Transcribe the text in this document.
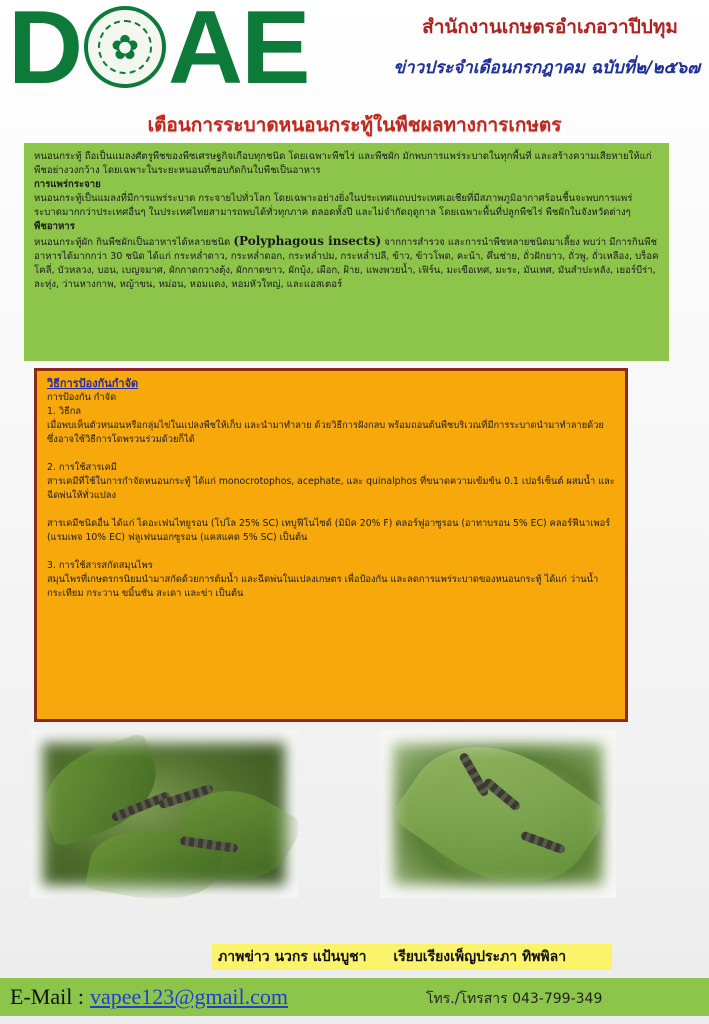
D ✿ AE	สำนักงานเกษตรอำเภอวาปีปทุม
ข่าวประจำเดือนกรกฎาคม ฉบับที่๒/๒๕๖๗
เตือนการระบาดหนอนกระทู้ในพืชผลทางการเกษตร

หนอนกระทู้ ถือเป็นแมลงศัตรูพืชของพืชเศรษฐกิจเกือบทุกชนิด โดยเฉพาะพืชไร่ และพืชผัก มักพบการแพร่ระบาดในทุกพื้นที่ และสร้างความเสียหายให้แก่พืชอย่างวงกว้าง โดยเฉพาะในระยะหนอนที่ชอบกัดกินใบพืชเป็นอาหาร

การแพร่กระจาย

หนอนกระทู้เป็นแมลงที่มีการแพร่ระบาด กระจายไปทั่วโลก โดยเฉพาะอย่างยิ่งในประเทศแถบประเทศเอเชียที่มีสภาพภูมิอากาศร้อนชื้นจะพบการแพร่ระบาดมากกว่าประเทศอื่นๆ ในประเทศไทยสามารถพบได้ทั่วทุกภาค ตลอดทั้งปี และไม่จำกัดฤดูกาล โดยเฉพาะพื้นที่ปลูกพืชไร่ พืชผักในจังหวัดต่างๆ

พืชอาหาร

หนอนกระทู้ผัก กินพืชผักเป็นอาหารได้หลายชนิด (Polyphagous insects) จากการสำรวจ และการนำพืชหลายชนิดมาเลี้ยง พบว่า มีการกินพืชอาหารได้มากกว่า 30 ชนิด ได้แก่ กระหล่ำดาว, กระหล่ำดอก, กระหล่ำปม, กระหล่ำปลี, ข้าว, ข้าวโพด, คะน้า, คึ่นช่าย, ถั่วฝักยาว, ถั่วพู, ถั่วเหลือง, บร็อคโคลี่, บัวหลวง, บอน, เบญจมาศ, ผักกาดกวางตุ้ง, ผักกาดขาว, ผักบุ้ง, เผือก, ฝ้าย, แพงพวยน้ำ, เฟิร์น, มะเขือเทศ, มะระ, มันเทศ, มันสำปะหลัง, เยอร์บีร่า, ละหุ่ง, ว่านหางกาพ, หญ้าขน, หม่อน, หอมแดง, หอมหัวใหญ่, และแอสเตอร์

วิธีการป้องกันกำจัด

การป้องกัน กำจัด

1. วิธีกล

เมื่อพบเห็นตัวหนอนหรือกลุ่มไข่ในแปลงพืชให้เก็บ และนำมาทำลาย ด้วยวิธีการฝังกลบ พร้อมถอนต้นพืชบริเวณที่มีการระบาดนำมาทำลายด้วย ซึ่งอาจใช้วิธีการโดพรวนร่วมด้วยก็ได้

2. การใช้สารเคมี

สารเคมีที่ใช้ในการกำจัดหนอนกระทู้ ได้แก่ monocrotophos, acephate, และ quinalphos ที่ขนาดความเข้มข้น 0.1 เปอร์เซ็นต์ ผสมน้ำ และฉีดพ่นให้ทั่วแปลง

สารเคมีชนิดอื่น ได้แก่ ไดอะเฟนไทยูรอน (โปโล 25% SC) เทบูฟีโนไซด์ (มิมิค 20% F) คลอร์ฟูอาซูรอน (อาทาบรอน 5% EC) คลอร์ฟีนาเพอร์ (แรมเพจ 10% EC) ฟลูเฟนนอกซูรอน (แคสแคด 5% SC) เป็นต้น

3. การใช้สารสกัดสมุนไพร

สมุนไพรที่เกษตรกรนิยมนำมาสกัดด้วยการต้มน้ำ และฉีดพ่นในแปลงเกษตร เพื่อป้องกัน และลดการแพร่ระบาดของหนอนกระทู้ ได้แก่ ว่านน้ำ กระเทียม กระวาน ขมิ้นชัน สะเดา และข่า เป็นต้น

ภาพข่าว นวกร แป้นบูชา เรียบเรียงเพ็ญประภา ทิพพิลา
E-Mail : vapee123@gmail.com	โทร./โทรสาร 043-799-349
